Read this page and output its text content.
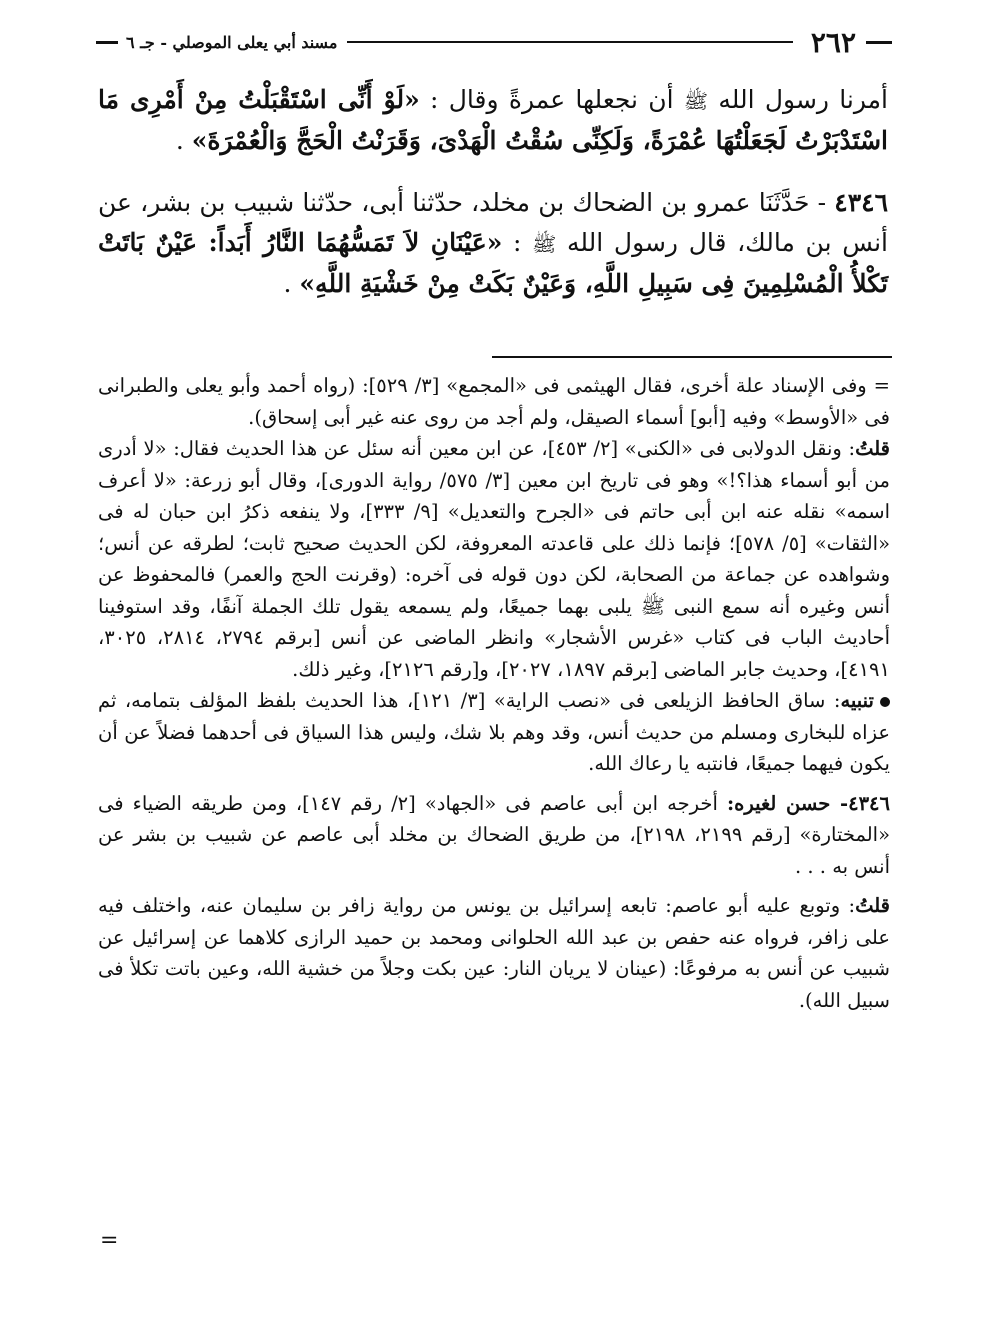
٢٦٢
مسند أبي يعلى الموصلي - جـ ٦

أمرنا رسول الله ﷺ أن نجعلها عمرةً وقال : «لَوْ أَنِّى اسْتَقْبَلْتُ مِنْ أَمْرِى مَا اسْتَدْبَرْتُ لَجَعَلْتُهَا عُمْرَةً، وَلَكِنِّى سُقْتُ الْهَدْىَ، وَقَرَنْتُ الْحَجَّ وَالْعُمْرَةَ» .

٤٣٤٦ - حَدَّثَنَا عمرو بن الضحاك بن مخلد، حدّثنا أبى، حدّثنا شبيب بن بشر، عن أنس بن مالك، قال رسول الله ﷺ : «عَيْنَانِ لاَ تَمَسُّهُمَا النَّارُ أَبَداً: عَيْنٌ بَاتَتْ تَكْلأُ الْمُسْلِمِينَ فِى سَبِيلِ اللَّهِ، وَعَيْنٌ بَكَتْ مِنْ خَشْيَةِ اللَّهِ» .

= وفى الإسناد علة أخرى، فقال الهيثمى فى «المجمع» [٣/ ٥٢٩]: (رواه أحمد وأبو يعلى والطبرانى فى «الأوسط» وفيه [أبو] أسماء الصيقل، ولم أجد من روى عنه غير أبى إسحاق).

قلتُ: ونقل الدولابى فى «الكنى» [٢/ ٤٥٣]، عن ابن معين أنه سئل عن هذا الحديث فقال: «لا أدرى من أبو أسماء هذا؟!» وهو فى تاريخ ابن معين [٣/ ٥٧٥/ رواية الدورى]، وقال أبو زرعة: «لا أعرف اسمه» نقله عنه ابن أبى حاتم فى «الجرح والتعديل» [٩/ ٣٣٣]، ولا ينفعه ذكرُ ابن حبان له فى «الثقات» [٥/ ٥٧٨]؛ فإنما ذلك على قاعدته المعروفة، لكن الحديث صحيح ثابت؛ لطرقه عن أنس؛ وشواهده عن جماعة من الصحابة، لكن دون قوله فى آخره: (وقرنت الحج والعمر) فالمحفوظ عن أنس وغيره أنه سمع النبى ﷺ يلبى بهما جميعًا، ولم يسمعه يقول تلك الجملة آنفًا، وقد استوفينا أحاديث الباب فى كتاب «غرس الأشجار» وانظر الماضى عن أنس [برقم ٢٧٩٤، ٢٨١٤، ٣٠٢٥، ٤١٩١]، وحديث جابر الماضى [برقم ١٨٩٧، ٢٠٢٧]، و[رقم ٢١٢٦]، وغير ذلك.

تنبيه: ساق الحافظ الزيلعى فى «نصب الراية» [٣/ ١٢١]، هذا الحديث بلفظ المؤلف بتمامه، ثم عزاه للبخارى ومسلم من حديث أنس، وقد وهم بلا شك، وليس هذا السياق فى أحدهما فضلاً عن أن يكون فيهما جميعًا، فانتبه يا رعاك الله.

٤٣٤٦- حسن لغيره: أخرجه ابن أبى عاصم فى «الجهاد» [٢/ رقم ١٤٧]، ومن طريقه الضياء فى «المختارة» [رقم ٢١٩٩، ٢١٩٨]، من طريق الضحاك بن مخلد أبى عاصم عن شبيب بن بشر عن أنس به . . .

قلتُ: وتوبع عليه أبو عاصم: تابعه إسرائيل بن يونس من رواية زافر بن سليمان عنه، واختلف فيه على زافر، فرواه عنه حفص بن عبد الله الحلوانى ومحمد بن حميد الرازى كلاهما عن إسرائيل عن شبيب عن أنس به مرفوعًا: (عينان لا يريان النار: عين بكت وجلاً من خشية الله، وعين باتت تكلأ فى سبيل الله).

=
